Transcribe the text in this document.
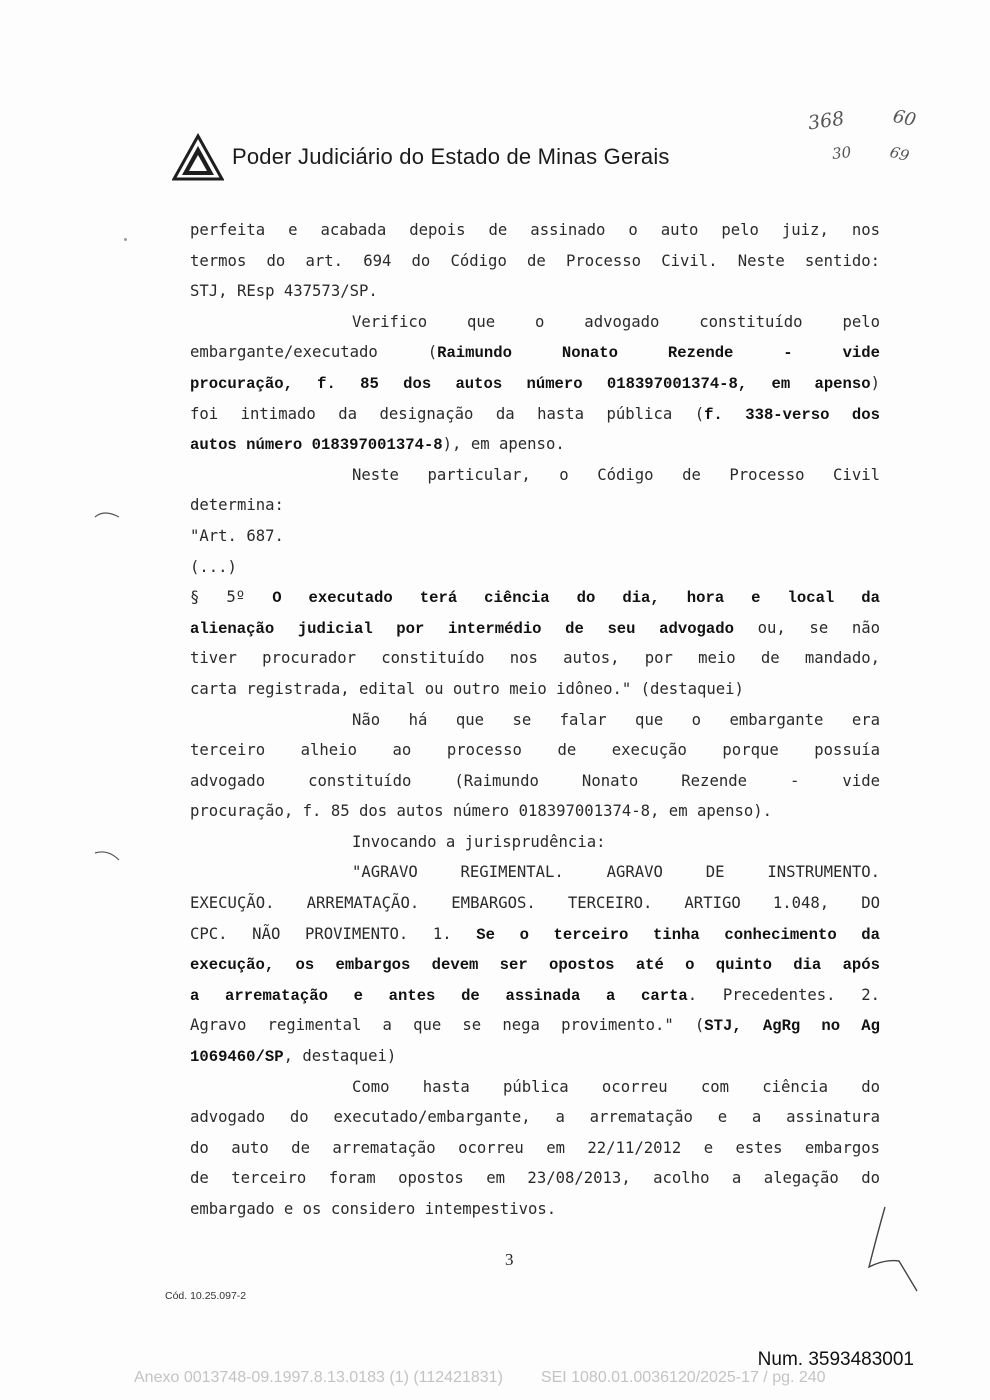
Poder Judiciário do Estado de Minas Gerais
368
30
60
69
perfeita e acabada depois de assinado o auto pelo juiz, nos
termos do art. 694 do Código de Processo Civil. Neste sentido:
STJ, REsp 437573/SP.
Verifico que o advogado constituído pelo
embargante/executado (Raimundo Nonato Rezende - vide
procuração, f. 85 dos autos número 018397001374-8, em apenso)
foi intimado da designação da hasta pública (f. 338-verso dos
autos número 018397001374-8), em apenso.
Neste particular, o Código de Processo Civil
determina:
"Art. 687.
(...)
§ 5º O executado terá ciência do dia, hora e local da
alienação judicial por intermédio de seu advogado ou, se não
tiver procurador constituído nos autos, por meio de mandado,
carta registrada, edital ou outro meio idôneo." (destaquei)
Não há que se falar que o embargante era
terceiro alheio ao processo de execução porque possuía
advogado constituído (Raimundo Nonato Rezende - vide
procuração, f. 85 dos autos número 018397001374-8, em apenso).
Invocando a jurisprudência:
"AGRAVO REGIMENTAL. AGRAVO DE INSTRUMENTO.
EXECUÇÃO. ARREMATAÇÃO. EMBARGOS. TERCEIRO. ARTIGO 1.048, DO
CPC. NÃO PROVIMENTO. 1. Se o terceiro tinha conhecimento da
execução, os embargos devem ser opostos até o quinto dia após
a arrematação e antes de assinada a carta. Precedentes. 2.
Agravo regimental a que se nega provimento." (STJ, AgRg no Ag
1069460/SP, destaquei)
Como hasta pública ocorreu com ciência do
advogado do executado/embargante, a arrematação e a assinatura
do auto de arrematação ocorreu em 22/11/2012 e estes embargos
de terceiro foram opostos em 23/08/2013, acolho a alegação do
embargado e os considero intempestivos.
3
Cód. 10.25.097-2
Num. 3593483001
Anexo 0013748-09.1997.8.13.0183 (1) (112421831) SEI 1080.01.0036120/2025-17 / pg. 240
